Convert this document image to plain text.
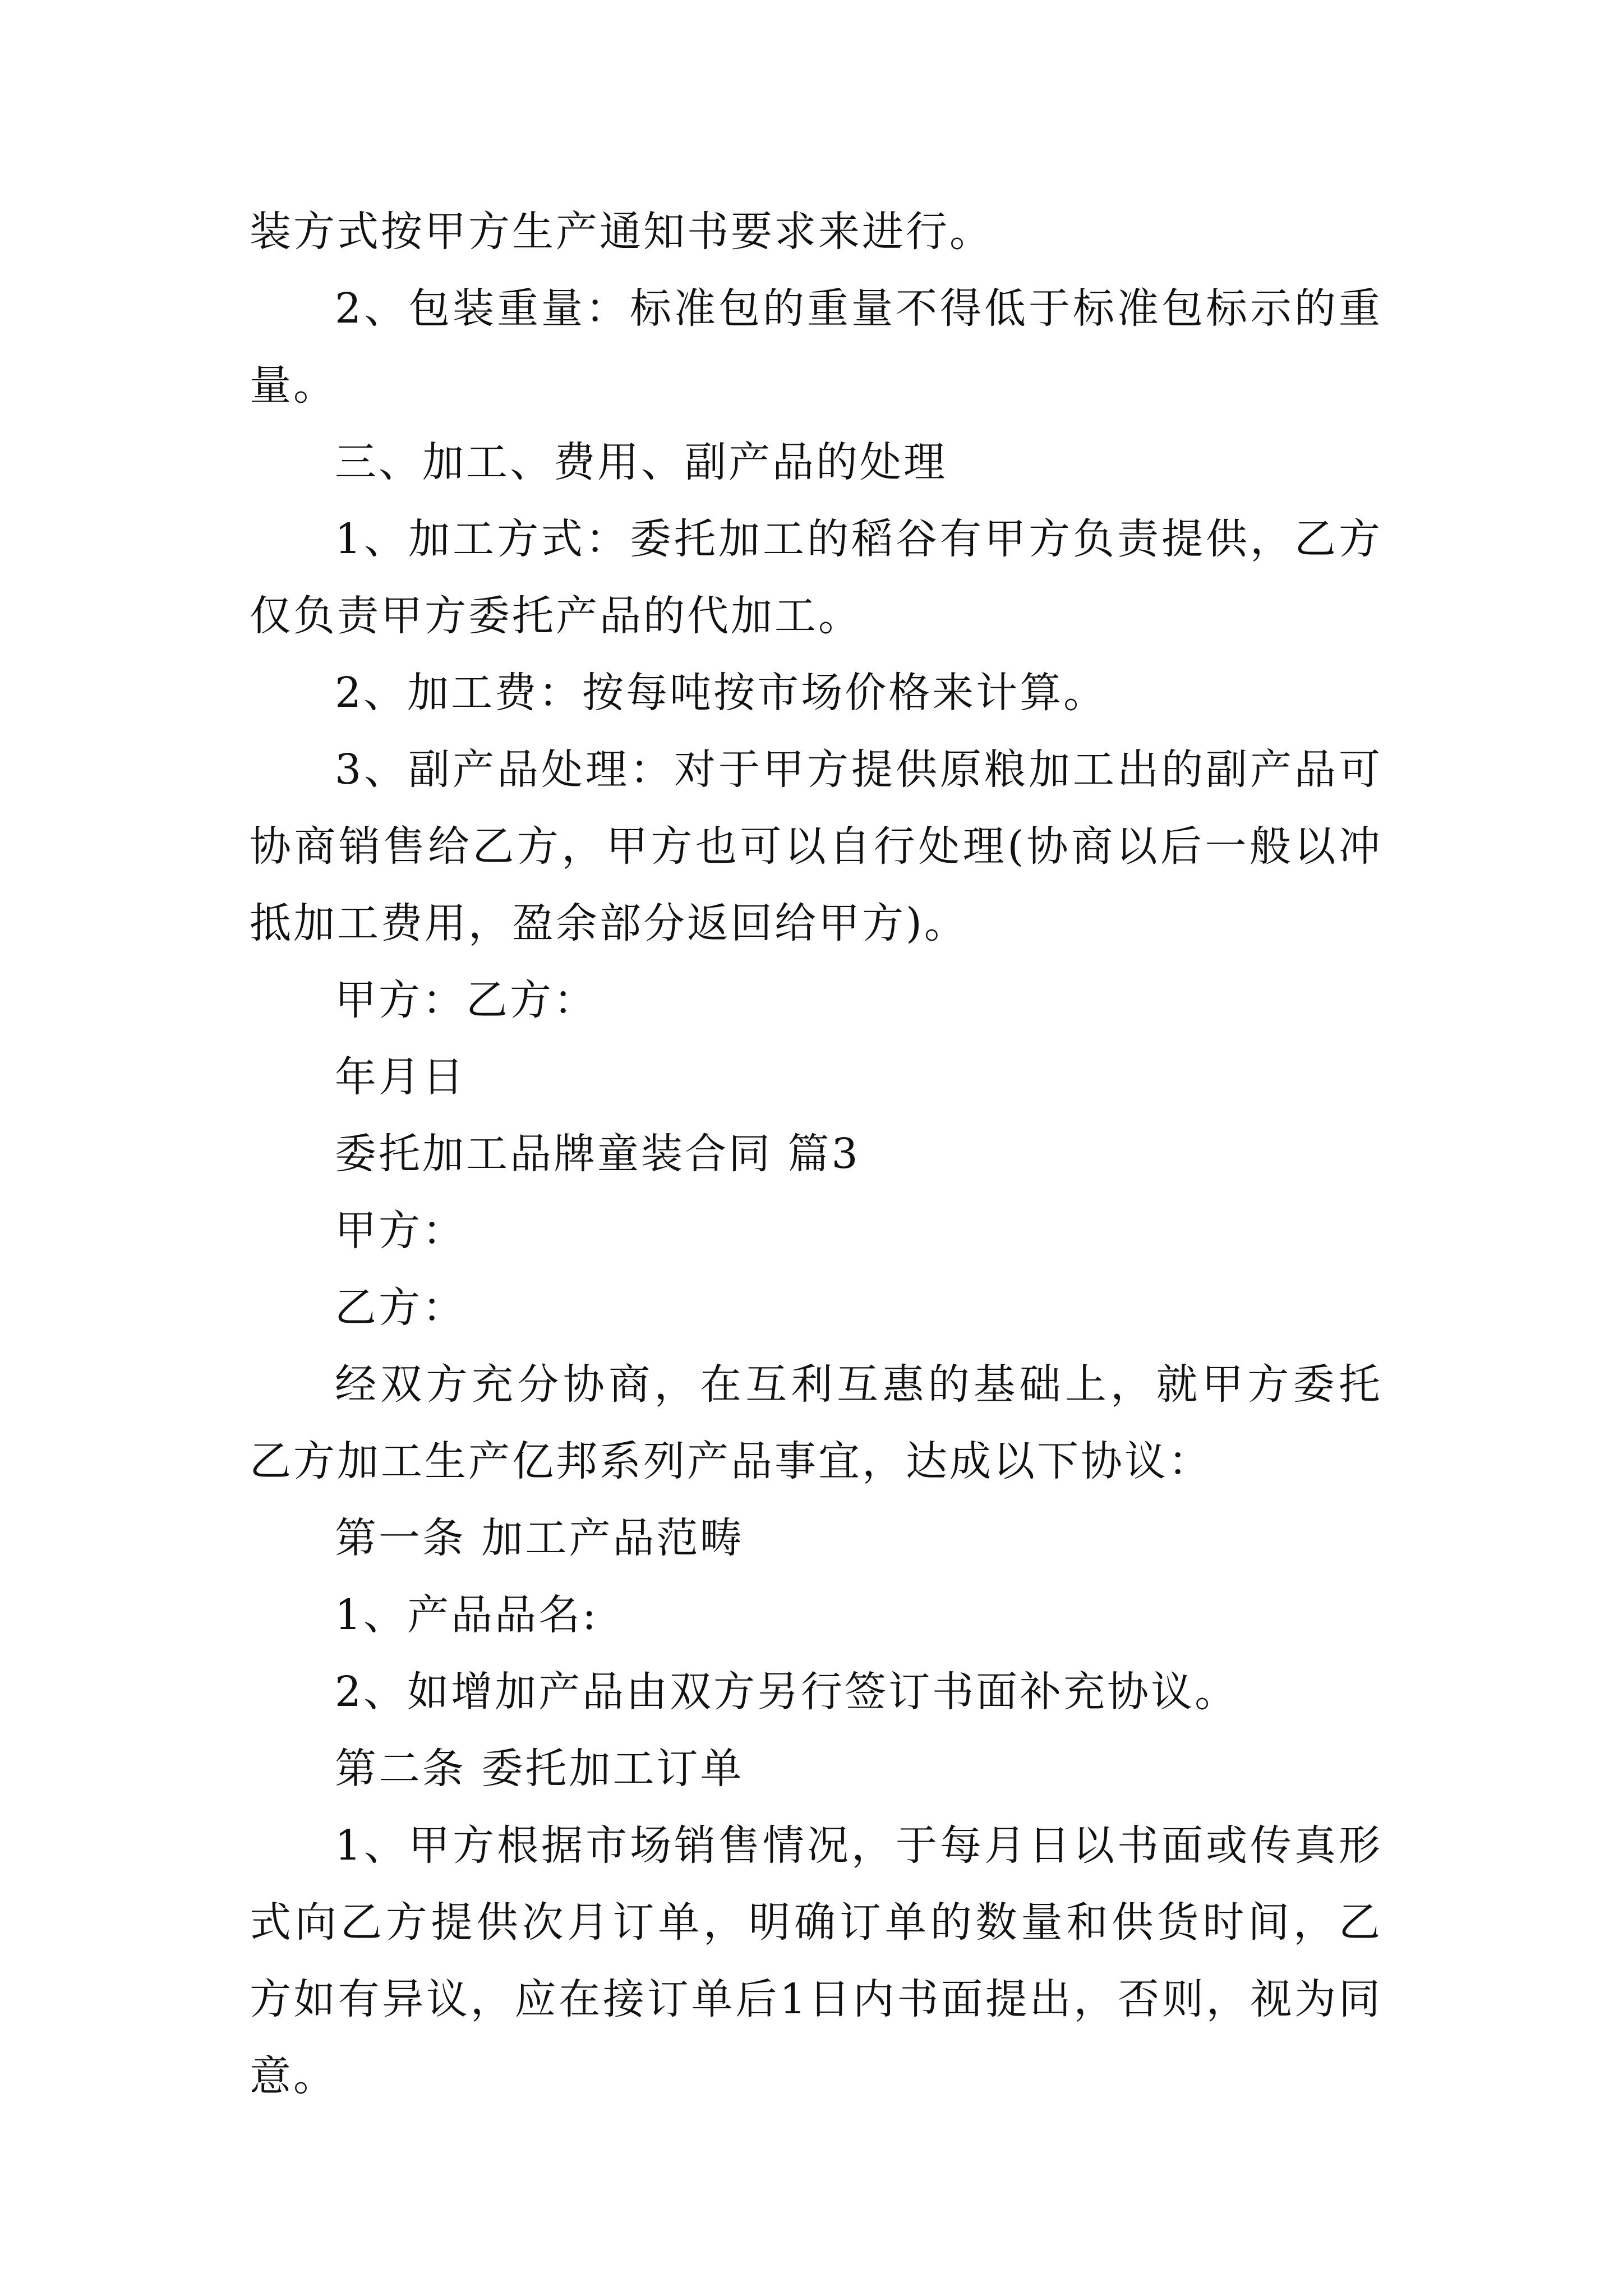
装方式按甲方生产通知书要求来进行。

2、包装重量：标准包的重量不得低于标准包标示的重量。

三、加工、费用、副产品的处理

1、加工方式：委托加工的稻谷有甲方负责提供，乙方仅负责甲方委托产品的代加工。

2、加工费：按每吨按市场价格来计算。

3、副产品处理：对于甲方提供原粮加工出的副产品可协商销售给乙方，甲方也可以自行处理(协商以后一般以冲抵加工费用，盈余部分返回给甲方)。

甲方：乙方：

年月日

委托加工品牌童装合同 篇3

甲方：

乙方：

经双方充分协商，在互利互惠的基础上，就甲方委托乙方加工生产亿邦系列产品事宜，达成以下协议：

第一条 加工产品范畴

1、产品品名:

2、如增加产品由双方另行签订书面补充协议。

第二条 委托加工订单

1、甲方根据市场销售情况，于每月日以书面或传真形式向乙方提供次月订单，明确订单的数量和供货时间，乙方如有异议，应在接订单后1日内书面提出，否则，视为同意。
